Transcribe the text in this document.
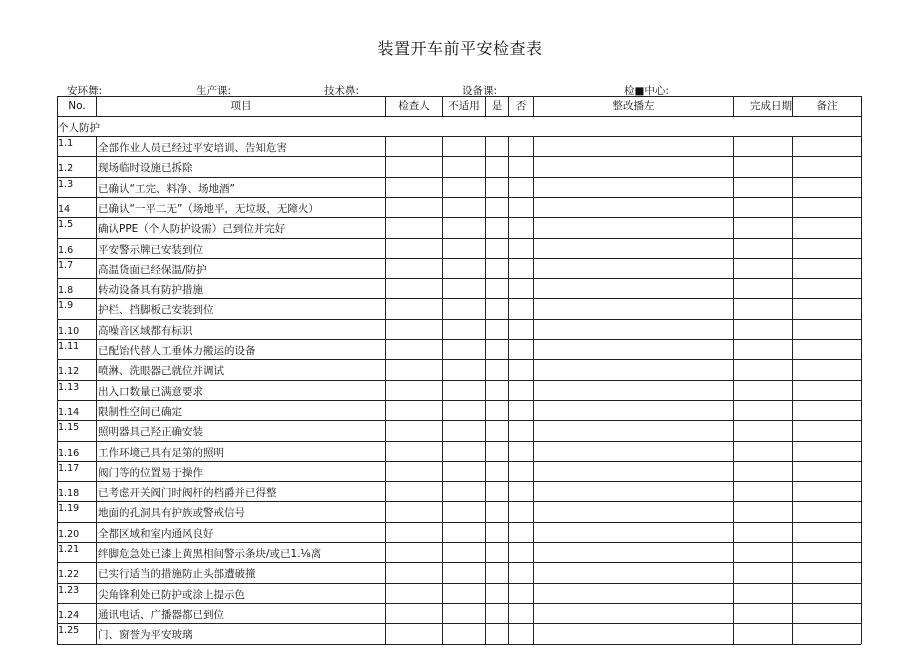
装置开车前平安检查表
安环舞:	生产课:	技术鼻:	设备课:	检■中心:
No.	项目	检查人	不适用	是	否	整改播左	完成日期	备注
个人防护
1.1 全部作业人员已经过平安培训、告知危害
1.2 现场临时设施已拆除
1.3 已确认“工完、料净、场地酒”
14	已确认“一平二无”（场地平，无垃圾，无障火）
1.5 确认PPE（个人防护设需）己到位并完好
1.6 平安警示牌已安装到位
1.7 高温货面已经保温/防护
1.8 转动设备具有防护措施
1.9 护栏、挡脚板己安装到位
1.10 高噪音区域都有标识
1.11 已配饴代替人工垂体力搬运的设备
1.12 喷淋、洗眼器己就位并调试
1.13 出入口数量已满意要求
1.14 限制性空间已确定
1.15 照明器具己羟正确安装
1.16 工作环境己具有足第的照明
1.17 阀门等的位置易于操作
1.18 已考虑开关阀门时阀杆的档爵并已得整
1.19 地面的孔洞具有护族或警戒信号
1.20 全都区域和室内通风良好
1.21 绊脚危急处已漆上黄黑相间警示条块/或已1.⅛离
1.22 已实行适当的措施防止头部遭破撞
1.23 尖角锋利处已防护或涂上提示色
1.24 通讯电话、广播器都已到位
1.25 门、窗誉为平安玻璃
